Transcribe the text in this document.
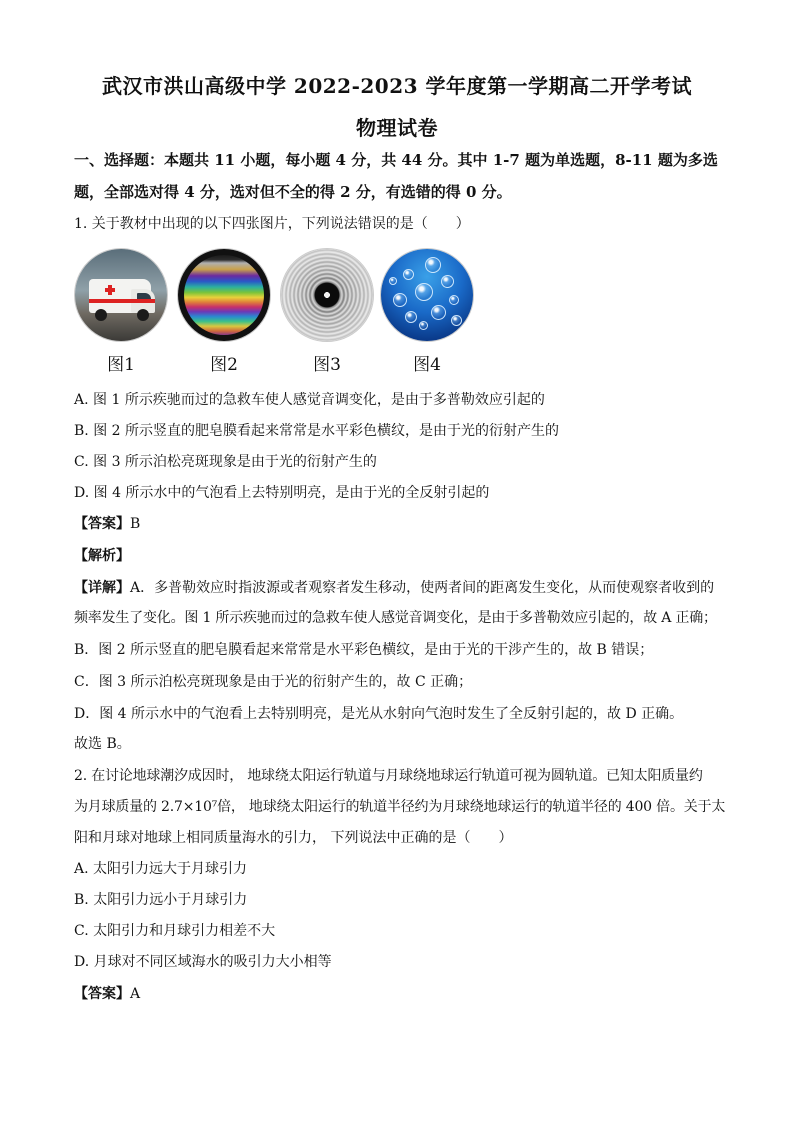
武汉市洪山高级中学 2022-2023 学年度第一学期高二开学考试
物理试卷
一、选择题：本题共 11 小题，每小题 4 分，共 44 分。其中 1-7 题为单选题，8-11 题为多选
题，全部选对得 4 分，选对但不全的得 2 分，有选错的得 0 分。
1. 关于教材中出现的以下四张图片，下列说法错误的是（　　）
图1	图2	图3	图4
A. 图 1 所示疾驰而过的急救车使人感觉音调变化，是由于多普勒效应引起的
B. 图 2 所示竖直的肥皂膜看起来常常是水平彩色横纹，是由于光的衍射产生的
C. 图 3 所示泊松亮斑现象是由于光的衍射产生的
D. 图 4 所示水中的气泡看上去特别明亮，是由于光的全反射引起的
【答案】B
【解析】
【详解】A．多普勒效应时指波源或者观察者发生移动，使两者间的距离发生变化，从而使观察者收到的
频率发生了变化。图 1 所示疾驰而过的急救车使人感觉音调变化，是由于多普勒效应引起的，故 A 正确；
B．图 2 所示竖直的肥皂膜看起来常常是水平彩色横纹，是由于光的干涉产生的，故 B 错误；
C．图 3 所示泊松亮斑现象是由于光的衍射产生的，故 C 正确；
D．图 4 所示水中的气泡看上去特别明亮，是光从水射向气泡时发生了全反射引起的，故 D 正确。
故选 B。
2. 在讨论地球潮汐成因时， 地球绕太阳运行轨道与月球绕地球运行轨道可视为圆轨道。已知太阳质量约
为月球质量的 2.7×10⁷倍， 地球绕太阳运行的轨道半径约为月球绕地球运行的轨道半径的 400 倍。关于太
阳和月球对地球上相同质量海水的引力， 下列说法中正确的是（　　）
A. 太阳引力远大于月球引力
B. 太阳引力远小于月球引力
C. 太阳引力和月球引力相差不大
D. 月球对不同区域海水的吸引力大小相等
【答案】A
